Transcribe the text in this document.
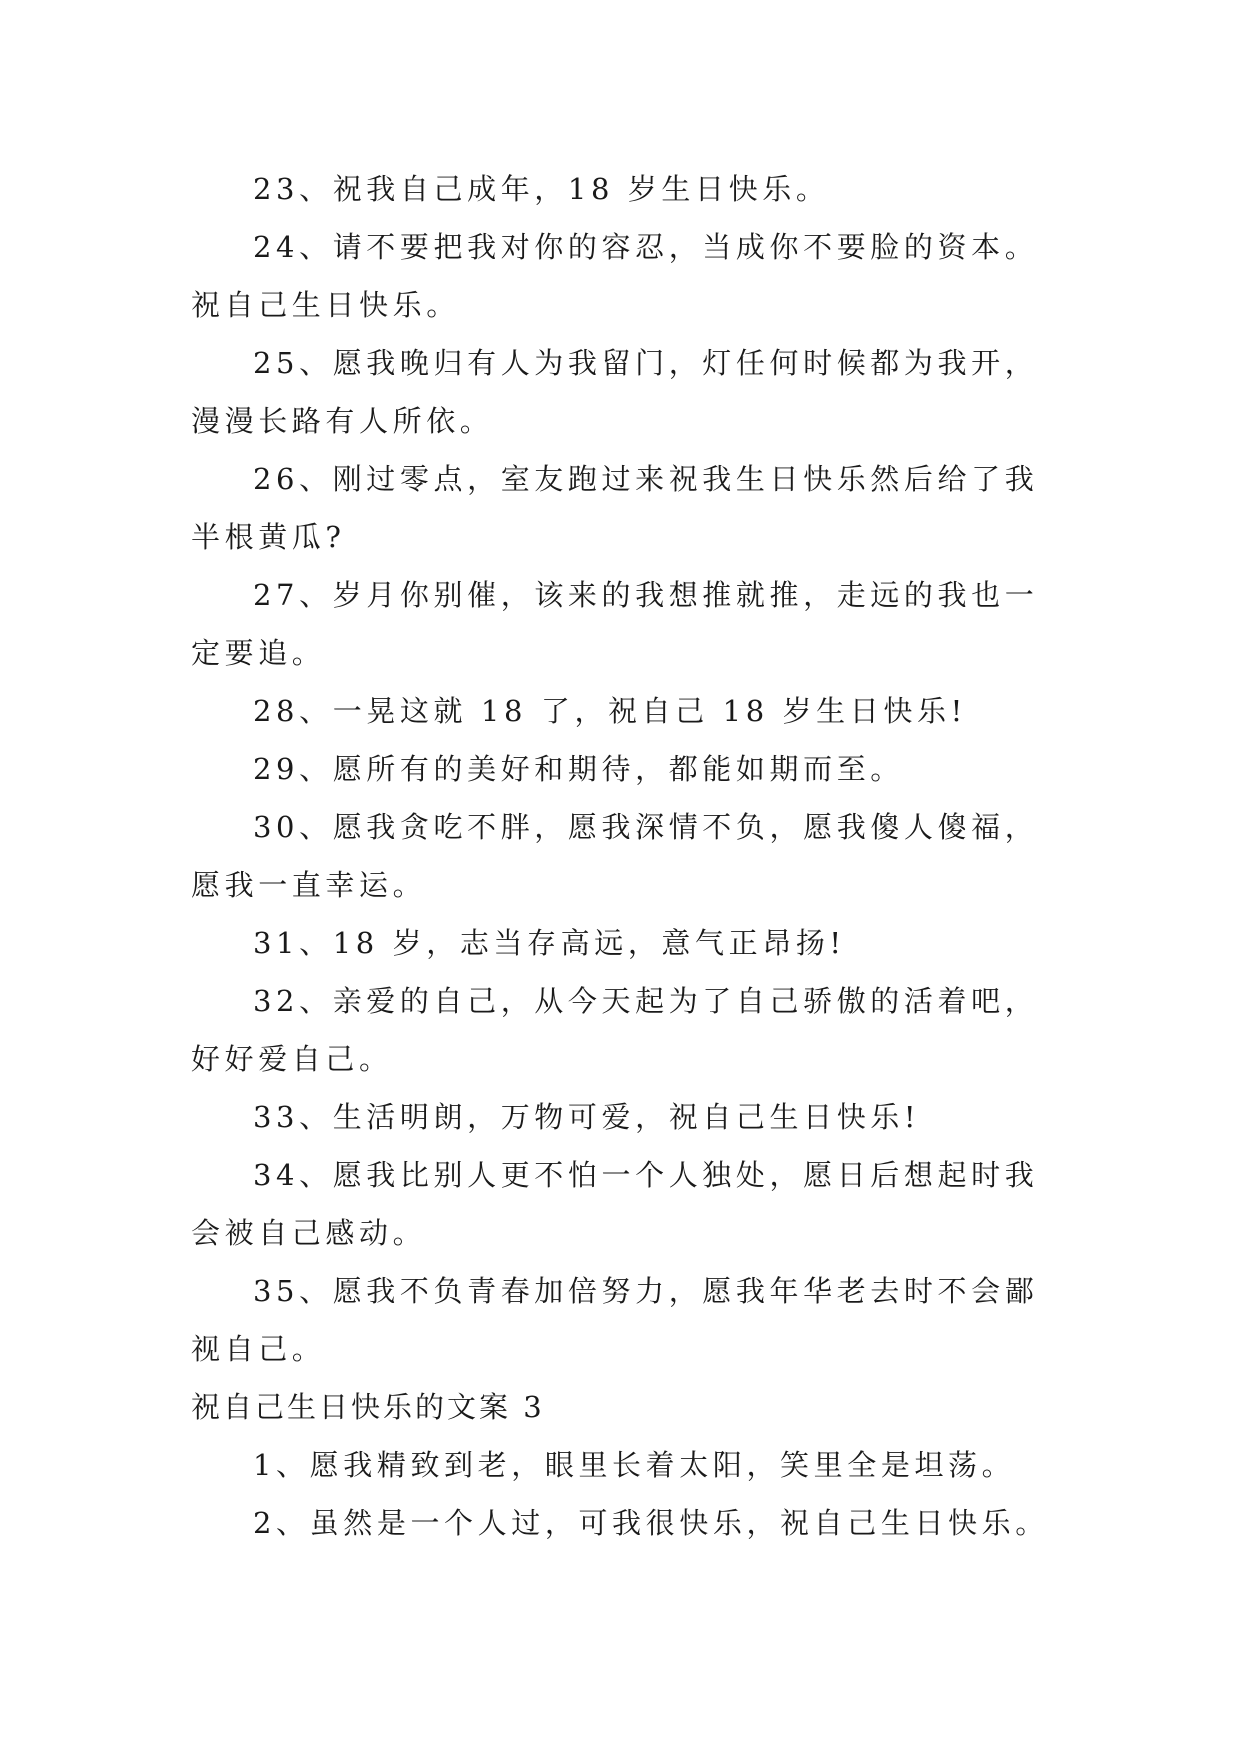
23、祝我自己成年，18 岁生日快乐。

24、请不要把我对你的容忍，当成你不要脸的资本。祝自己生日快乐。

25、愿我晚归有人为我留门，灯任何时候都为我开，漫漫长路有人所依。

26、刚过零点，室友跑过来祝我生日快乐然后给了我半根黄瓜?

27、岁月你别催，该来的我想推就推，走远的我也一定要追。

28、一晃这就 18 了，祝自己 18 岁生日快乐!

29、愿所有的美好和期待，都能如期而至。

30、愿我贪吃不胖，愿我深情不负，愿我傻人傻福，愿我一直幸运。

31、18 岁，志当存高远，意气正昂扬!

32、亲爱的自己，从今天起为了自己骄傲的活着吧，好好爱自己。

33、生活明朗，万物可爱，祝自己生日快乐!

34、愿我比别人更不怕一个人独处，愿日后想起时我会被自己感动。

35、愿我不负青春加倍努力，愿我年华老去时不会鄙视自己。

祝自己生日快乐的文案 3

1、愿我精致到老，眼里长着太阳，笑里全是坦荡。

2、虽然是一个人过，可我很快乐，祝自己生日快乐。
